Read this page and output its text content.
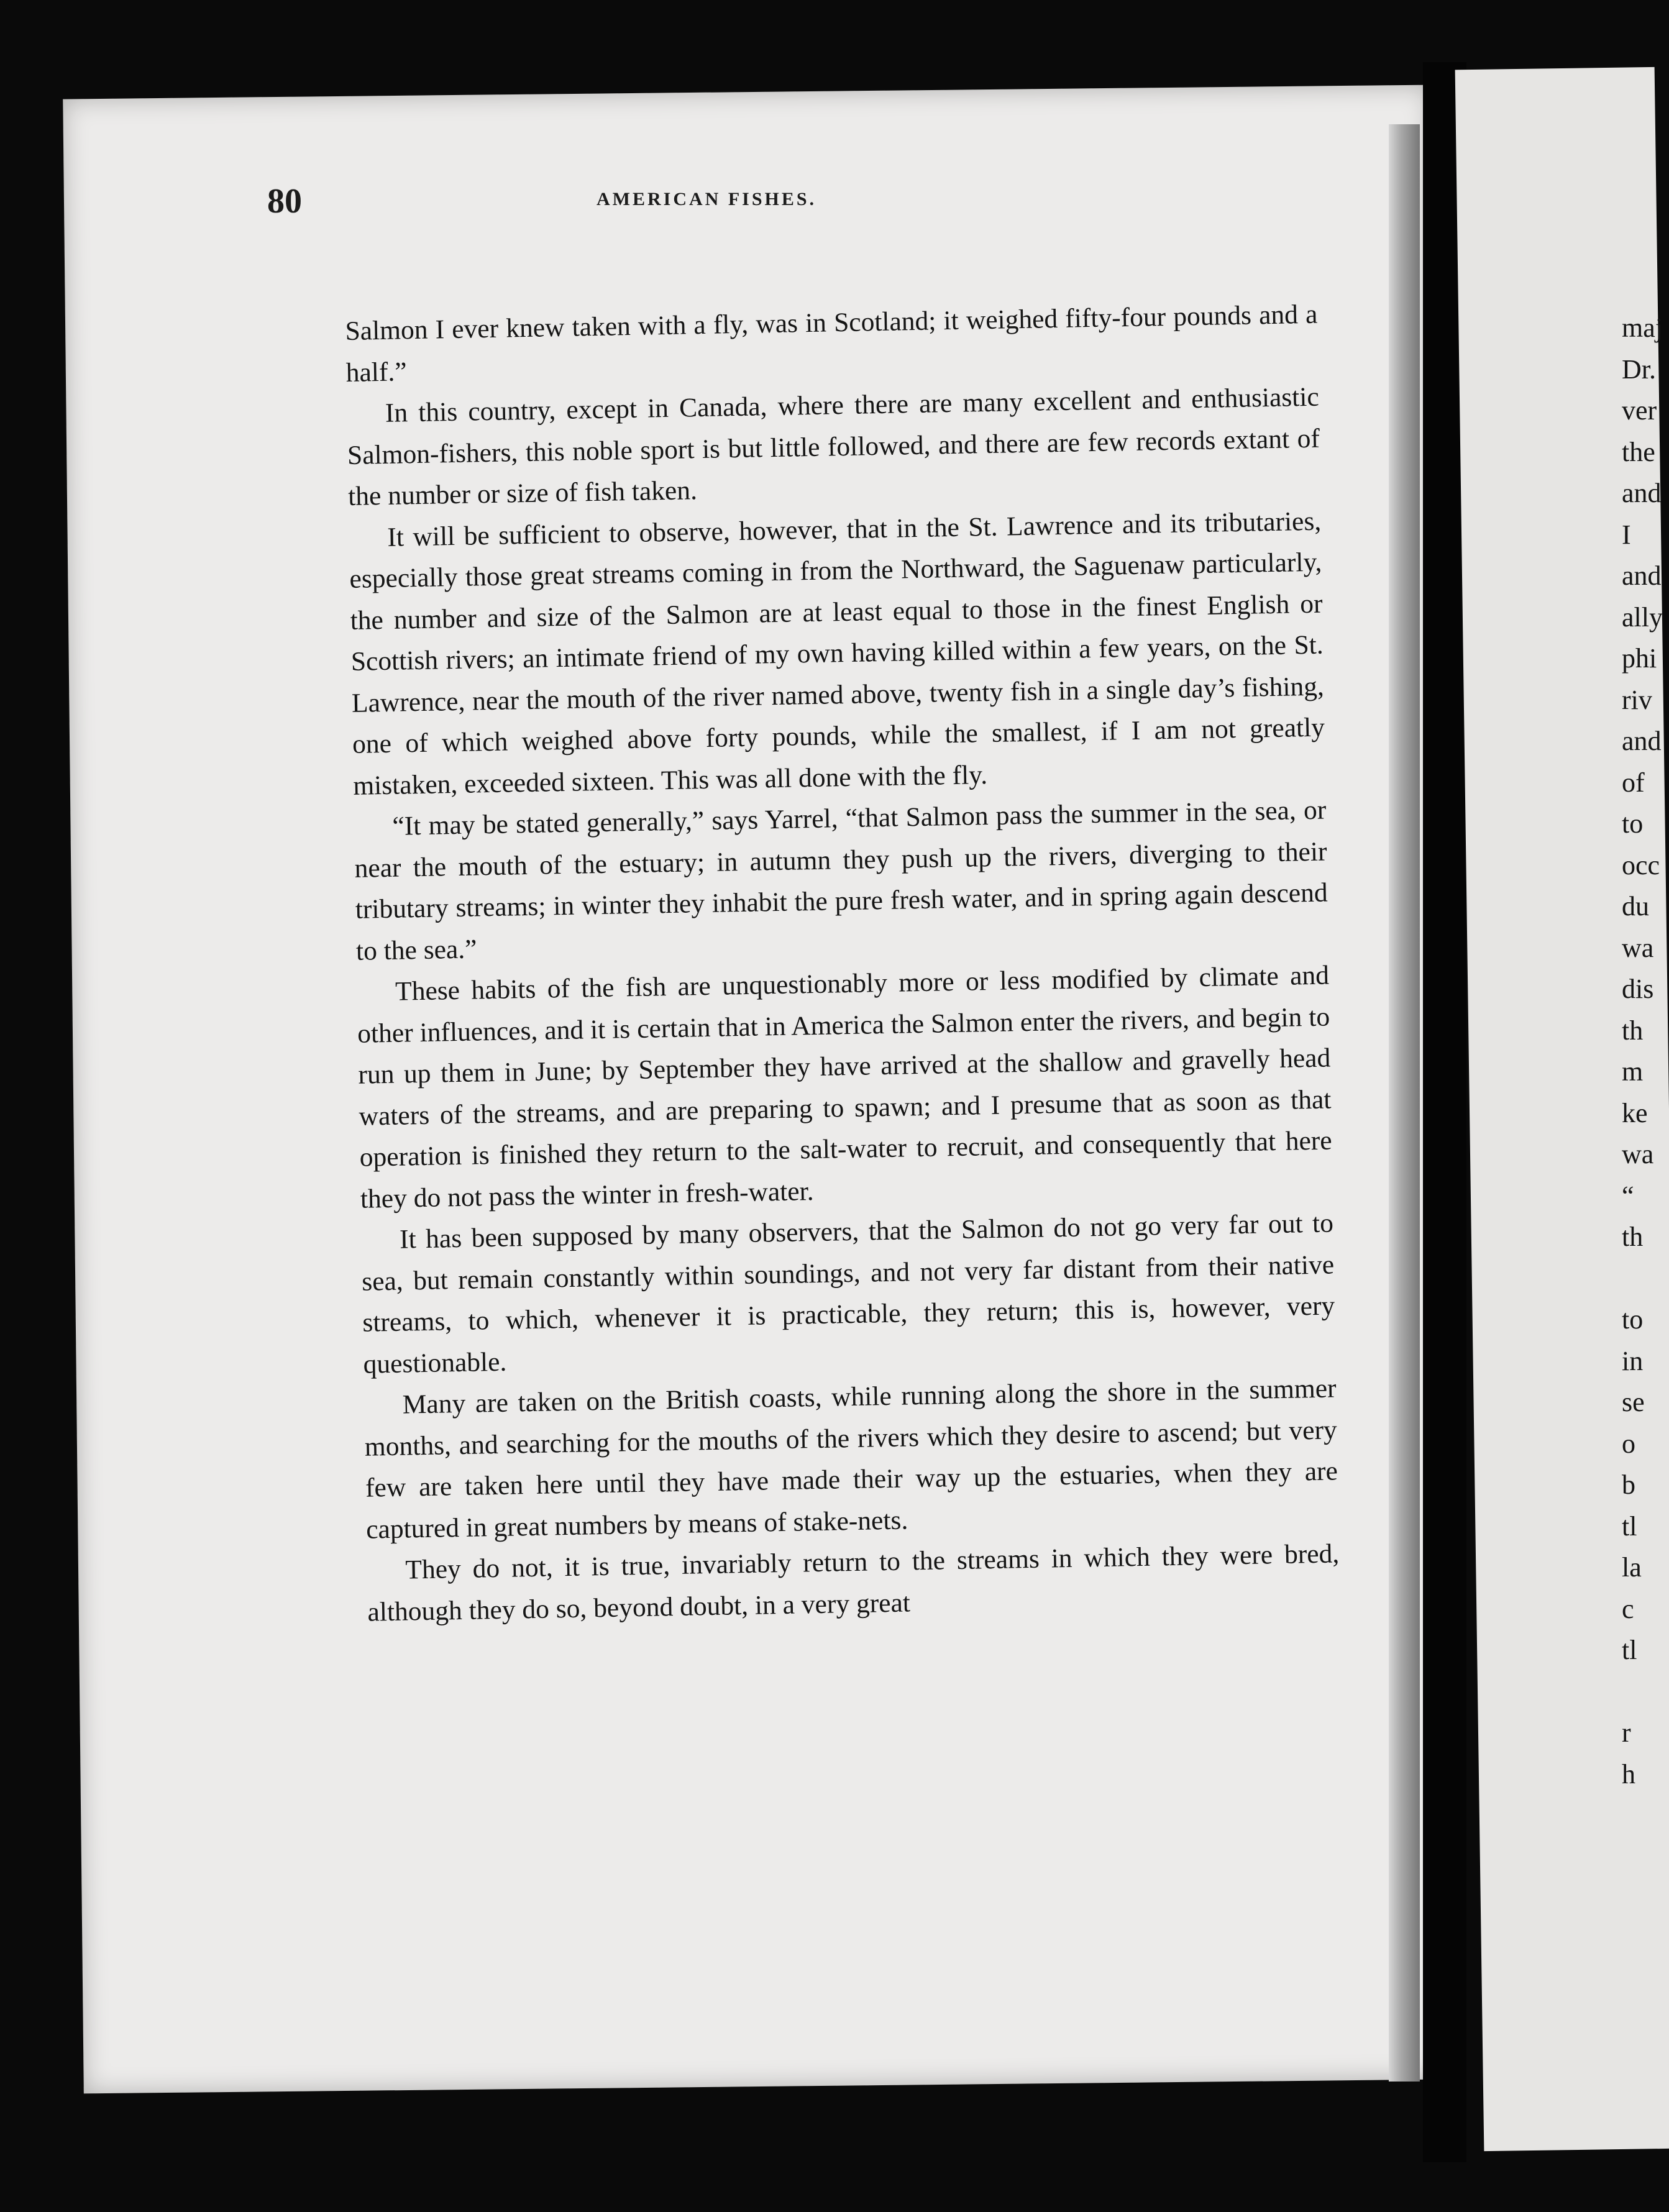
80	AMERICAN FISHES.

Salmon I ever knew taken with a fly, was in Scotland; it weighed fifty-four pounds and a half.”

In this country, except in Canada, where there are many excellent and enthusiastic Salmon-fishers, this noble sport is but little followed, and there are few records extant of the number or size of fish taken.

It will be sufficient to observe, however, that in the St. Lawrence and its tributaries, especially those great streams coming in from the Northward, the Saguenaw particularly, the number and size of the Salmon are at least equal to those in the finest English or Scottish rivers; an intimate friend of my own having killed within a few years, on the St. Lawrence, near the mouth of the river named above, twenty fish in a single day’s fishing, one of which weighed above forty pounds, while the smallest, if I am not greatly mistaken, exceeded sixteen. This was all done with the fly.

“It may be stated generally,” says Yarrel, “that Salmon pass the summer in the sea, or near the mouth of the estuary; in autumn they push up the rivers, diverging to their tributary streams; in winter they inhabit the pure fresh water, and in spring again descend to the sea.”

These habits of the fish are unquestionably more or less modified by climate and other influences, and it is certain that in America the Salmon enter the rivers, and begin to run up them in June; by September they have arrived at the shallow and gravelly head waters of the streams, and are preparing to spawn; and I presume that as soon as that operation is finished they return to the salt-water to recruit, and consequently that here they do not pass the winter in fresh-water.

It has been supposed by many observers, that the Salmon do not go very far out to sea, but remain constantly within soundings, and not very far distant from their native streams, to which, whenever it is practicable, they return; this is, however, very questionable.

Many are taken on the British coasts, while running along the shore in the summer months, and searching for the mouths of the rivers which they desire to ascend; but very few are taken here until they have made their way up the estuaries, when they are captured in great numbers by means of stake-nets.

They do not, it is true, invariably return to the streams in which they were bred, although they do so, beyond doubt, in a very great

maj
Dr.
ver
the
and
I
and
ally
phi
riv
and
of
to
occ
du
wa
dis
th
m
ke
wa
“
th

to
in
se
o
b
tl
la
c
tl

r
h
